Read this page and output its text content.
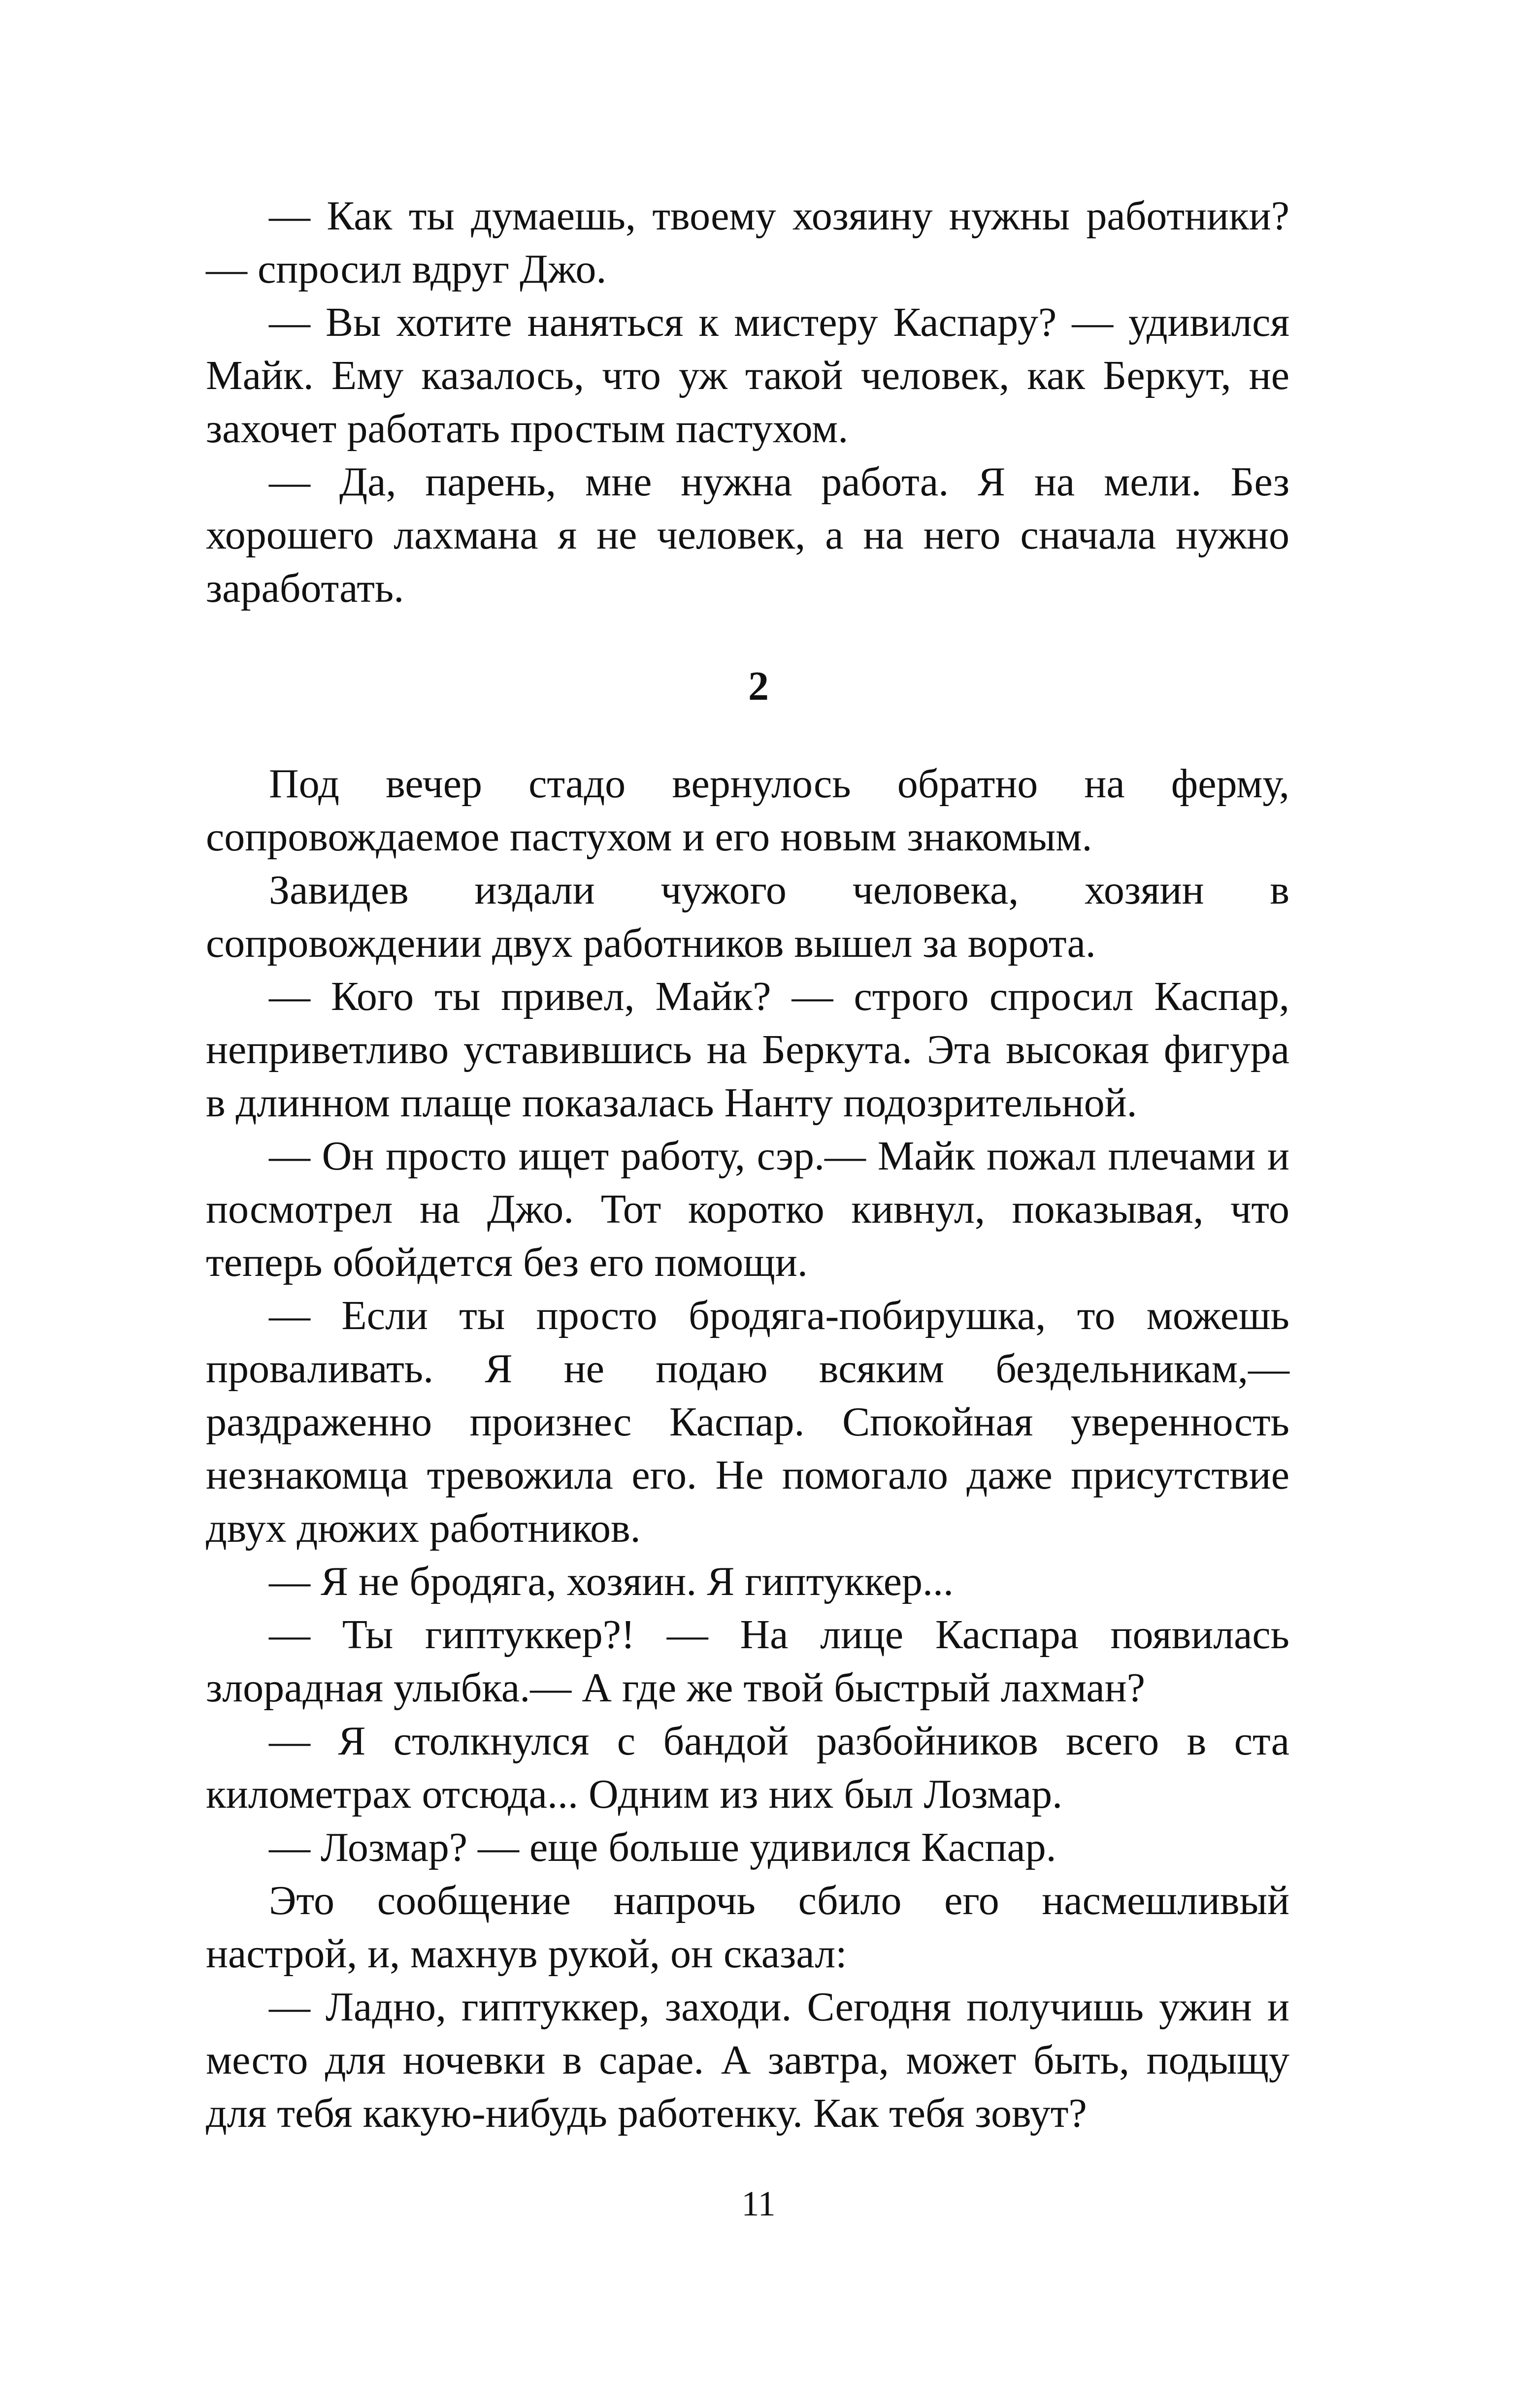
— Как ты думаешь, твоему хозяину нужны работники? — спросил вдруг Джо.

— Вы хотите наняться к мистеру Каспару? — удивился Майк. Ему казалось, что уж такой человек, как Беркут, не захочет работать простым пастухом.

— Да, парень, мне нужна работа. Я на мели. Без хорошего лахмана я не человек, а на него сначала нужно заработать.

2

Под вечер стадо вернулось обратно на ферму, сопровождаемое пастухом и его новым знакомым.

Завидев издали чужого человека, хозяин в сопровождении двух работников вышел за ворота.

— Кого ты привел, Майк? — строго спросил Каспар, неприветливо уставившись на Беркута. Эта высокая фигура в длинном плаще показалась Нанту подозрительной.

— Он просто ищет работу, сэр.— Майк пожал плечами и посмотрел на Джо. Тот коротко кивнул, показывая, что теперь обойдется без его помощи.

— Если ты просто бродяга-побирушка, то можешь проваливать. Я не подаю всяким бездельникам,— раздраженно произнес Каспар. Спокойная уверенность незнакомца тревожила его. Не помогало даже присутствие двух дюжих работников.

— Я не бродяга, хозяин. Я гиптуккер...

— Ты гиптуккер?! — На лице Каспара появилась злорадная улыбка.— А где же твой быстрый лахман?

— Я столкнулся с бандой разбойников всего в ста километрах отсюда... Одним из них был Лозмар.

— Лозмар? — еще больше удивился Каспар.

Это сообщение напрочь сбило его насмешливый настрой, и, махнув рукой, он сказал:

— Ладно, гиптуккер, заходи. Сегодня получишь ужин и место для ночевки в сарае. А завтра, может быть, подыщу для тебя какую-нибудь работенку. Как тебя зовут?

11
